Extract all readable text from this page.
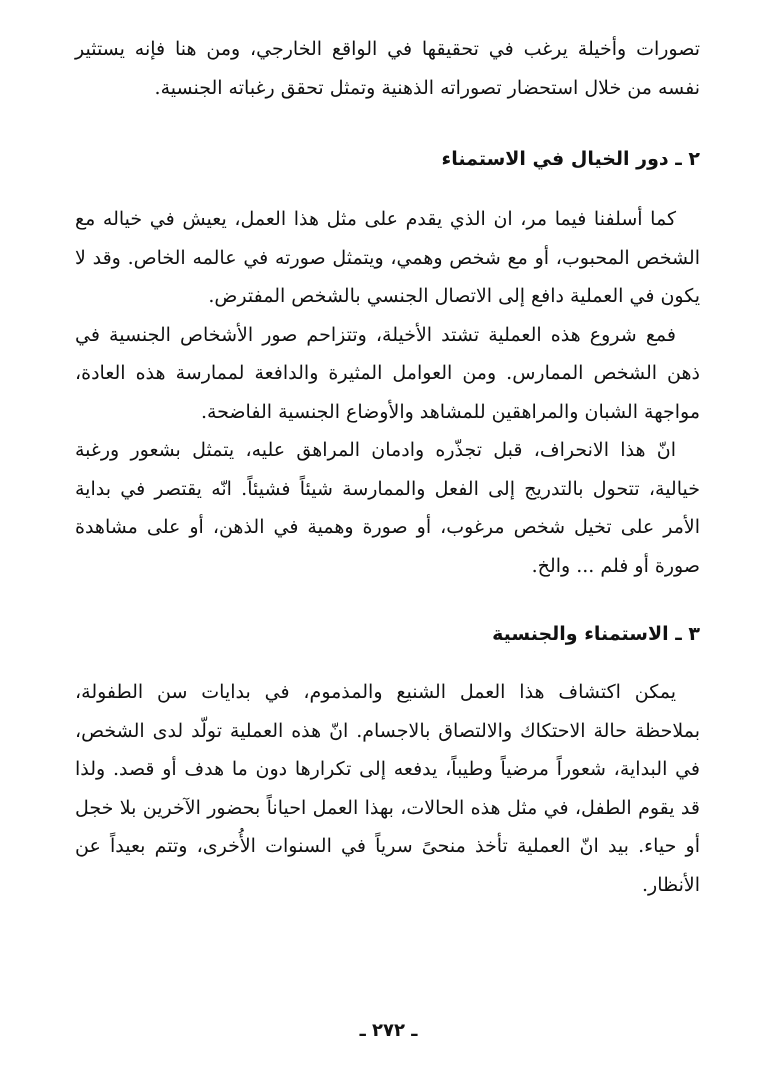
تصورات وأخيلة يرغب في تحقيقها في الواقع الخارجي، ومن هنا فإنه يستثير نفسه من خلال استحضار تصوراته الذهنية وتمثل تحقق رغباته الجنسية.

٢ ـ دور الخيال في الاستمناء

كما أسلفنا فيما مر، ان الذي يقدم على مثل هذا العمل، يعيش في خياله مع الشخص المحبوب، أو مع شخص وهمي، ويتمثل صورته في عالمه الخاص. وقد لا يكون في العملية دافع إلى الاتصال الجنسي بالشخص المفترض.

فمع شروع هذه العملية تشتد الأخيلة، وتتزاحم صور الأشخاص الجنسية في ذهن الشخص الممارس. ومن العوامل المثيرة والدافعة لممارسة هذه العادة، مواجهة الشبان والمراهقين للمشاهد والأوضاع الجنسية الفاضحة.

انّ هذا الانحراف، قبل تجذّره وادمان المراهق عليه، يتمثل بشعور ورغبة خيالية، تتحول بالتدريج إلى الفعل والممارسة شيئاً فشيئاً. انّه يقتصر في بداية الأمر على تخيل شخص مرغوب، أو صورة وهمية في الذهن، أو على مشاهدة صورة أو فلم ... والخ.

٣ ـ الاستمناء والجنسية

يمكن اكتشاف هذا العمل الشنيع والمذموم، في بدايات سن الطفولة، بملاحظة حالة الاحتكاك والالتصاق بالاجسام. انّ هذه العملية تولّد لدى الشخص، في البداية، شعوراً مرضياً وطيباً، يدفعه إلى تكرارها دون ما هدف أو قصد. ولذا قد يقوم الطفل، في مثل هذه الحالات، بهذا العمل احياناً بحضور الآخرين بلا خجل أو حياء. بيد انّ العملية تأخذ منحىً سرياً في السنوات الأُخرى، وتتم بعيداً عن الأنظار.

ـ ٢٧٢ ـ
